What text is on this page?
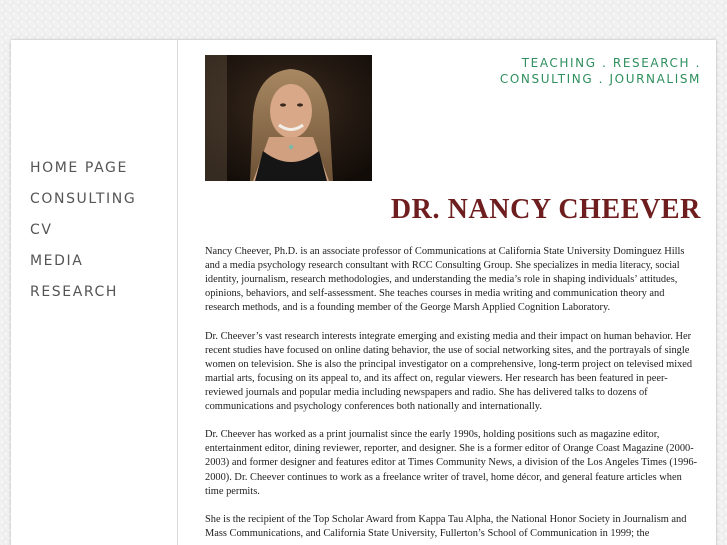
HOME PAGE
CONSULTING
CV
MEDIA
RESEARCH
TEACHING . RESEARCH .
CONSULTING . JOURNALISM
DR. NANCY CHEEVER

Nancy Cheever, Ph.D. is an associate professor of Communications at California State University Dominguez Hills and a media psychology research consultant with RCC Consulting Group. She specializes in media literacy, social identity, journalism, research methodologies, and understanding the media’s role in shaping individuals’ attitudes, opinions, behaviors, and self-assessment. She teaches courses in media writing and communication theory and research methods, and is a founding member of the George Marsh Applied Cognition Laboratory.

Dr. Cheever’s vast research interests integrate emerging and existing media and their impact on human behavior. Her recent studies have focused on online dating behavior, the use of social networking sites, and the portrayals of single women on television. She is also the principal investigator on a comprehensive, long-term project on televised mixed martial arts, focusing on its appeal to, and its affect on, regular viewers. Her research has been featured in peer-reviewed journals and popular media including newspapers and radio. She has delivered talks to dozens of communications and psychology conferences both nationally and internationally.

Dr. Cheever has worked as a print journalist since the early 1990s, holding positions such as magazine editor, entertainment editor, dining reviewer, reporter, and designer. She is a former editor of Orange Coast Magazine (2000-2003) and former designer and features editor at Times Community News, a division of the Los Angeles Times (1996-2000). Dr. Cheever continues to work as a freelance writer of travel, home décor, and general feature articles when time permits.

She is the recipient of the Top Scholar Award from Kappa Tau Alpha, the National Honor Society in Journalism and Mass Communications, and California State University, Fullerton’s School of Communication in 1999; the
